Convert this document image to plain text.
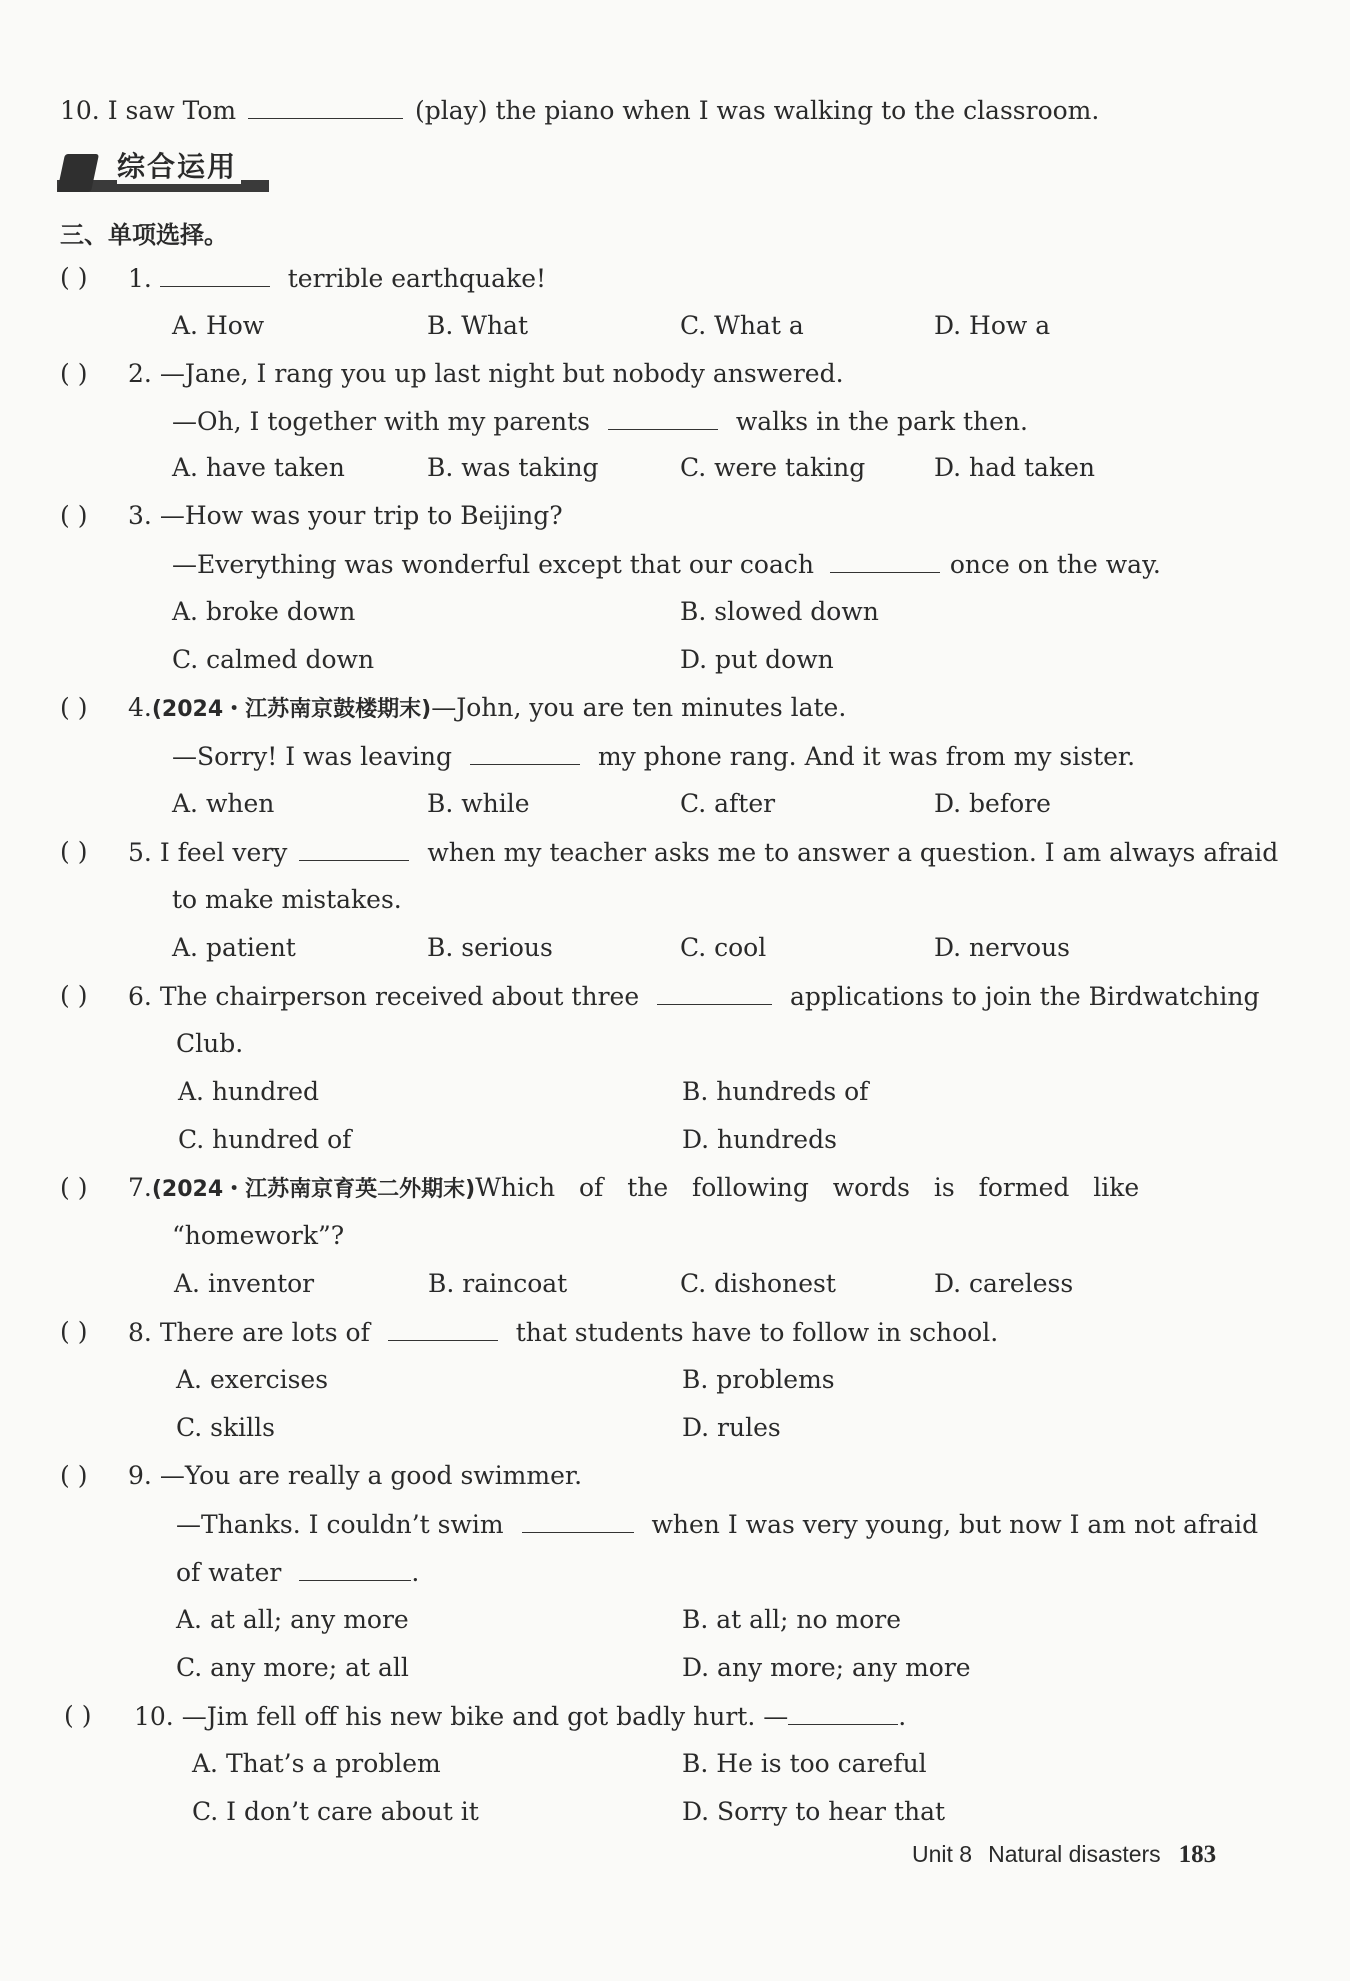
10. I saw Tom	(play) the piano when I was walking to the classroom.
综合运用
三、单项选择。
( ) 1.	terrible earthquake!
A. How	B. What	C. What a	D. How a
( ) 2. —Jane, I rang you up last night but nobody answered.
—Oh, I together with my parents	walks in the park then.
A. have taken	B. was taking	C. were taking	D. had taken
( ) 3. —How was your trip to Beijing?
—Everything was wonderful except that our coach	once on the way.
A. broke down	B. slowed down
C. calmed down	D. put down
( ) 4.(2024・江苏南京鼓楼期末)—John, you are ten minutes late.
—Sorry! I was leaving	my phone rang. And it was from my sister.
A. when	B. while	C. after	D. before
( ) 5. I feel very	when my teacher asks me to answer a question. I am always afraid
to make mistakes.
A. patient	B. serious	C. cool	D. nervous
( ) 6. The chairperson received about three	applications to join the Birdwatching
Club.
A. hundred	B. hundreds of
C. hundred of	D. hundreds
( ) 7.(2024・江苏南京育英二外期末)Which  of  the  following  words  is  formed  like
“homework”?
A. inventor	B. raincoat	C. dishonest	D. careless
( ) 8. There are lots of	that students have to follow in school.
A. exercises	B. problems
C. skills	D. rules
( ) 9. —You are really a good swimmer.
—Thanks. I couldn’t swim	when I was very young, but now I am not afraid
of water	.
A. at all; any more	B. at all; no more
C. any more; at all	D. any more; any more
( ) 10. —Jim fell off his new bike and got badly hurt. —	.
A. That’s a problem	B. He is too careful
C. I don’t care about it	D. Sorry to hear that
Unit 8 Natural disasters 183
